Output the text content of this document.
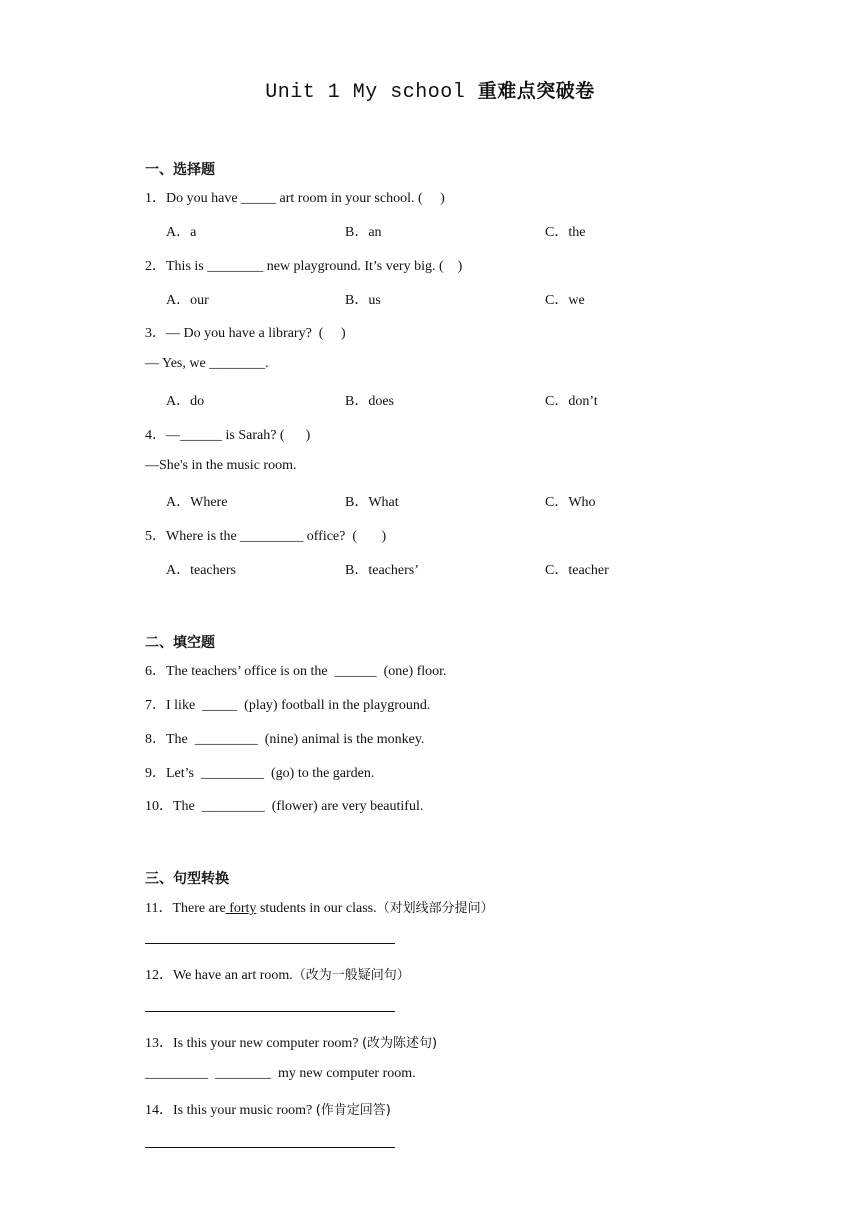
Unit 1 My school 重难点突破卷
一、选择题
1．Do you have _____ art room in your school. (     )
A．a	B．an	C．the
2．This is ________ new playground. It’s very big. (    )
A．our	B．us	C．we
3．— Do you have a library?  (     )
— Yes, we ________.
A．do	B．does	C．don’t
4．—______ is Sarah? (      )
—She's in the music room.
A．Where	B．What	C．Who
5．Where is the _________ office?  (       )
A．teachers	B．teachers’	C．teacher
二、填空题
6．The teachers’ office is on the  ______  (one) floor.
7．I like  _____  (play) football in the playground.
8．The  _________  (nine) animal is the monkey.
9．Let’s  _________  (go) to the garden.
10．The  _________  (flower) are very beautiful.
三、句型转换
11．There are forty students in our class.（对划线部分提问）
12．We have an art room.（改为一般疑问句）
13．Is this your new computer room? (改为陈述句)
_________  ________  my new computer room.
14．Is this your music room? (作肯定回答)
